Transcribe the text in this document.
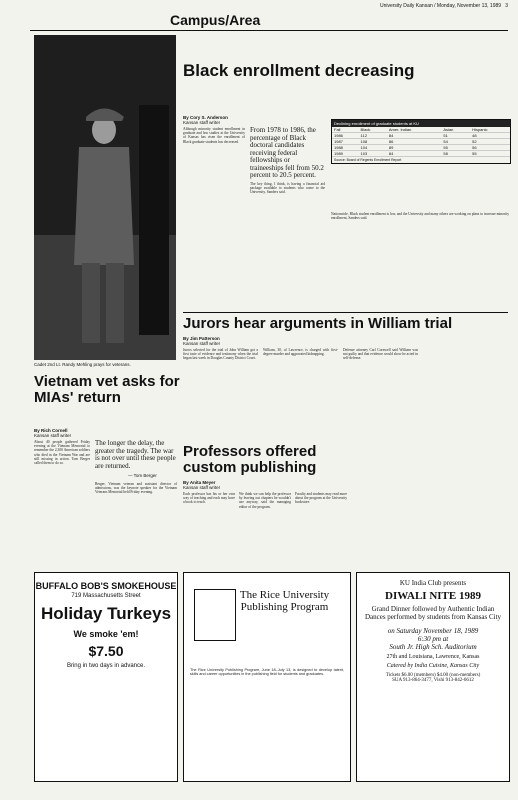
University Daily Kansan / Monday, November 13, 1989 3
Campus/Area
Cadet 2nd Lt. Randy Mehling prays for veterans.
Vietnam vet asks for MIAs' return
By Rich Cornell
Kansan staff writer
About 40 people gathered Friday evening at the Vietnam Memorial to remember the 2,300 American soldiers who died in the Vietnam War and are still missing in action. Tom Berger called them to do so.
The longer the delay, the greater the tragedy. The war is not over until these people are returned.
— Tom Berger
Berger, Vietnam veteran and assistant director of admissions, was the keynote speaker for the Vietnam Veterans Memorial held Friday evening.
Black enrollment decreasing
By Cory S. Anderson
Kansan staff writer
Although minority student enrollment in graduate and law studies at the University of Kansas has risen the enrollment of Black graduate students has decreased.
From 1978 to 1986, the percentage of Black doctoral candidates receiving federal fellowships or traineeships fell from 50.2 percent to 20.5 percent.
The key thing, I think, is having a financial aid package available to students who come to the University, Sanders said.
Nationwide, Black student enrollment is low, and the University and many others are working on plans to increase minority enrollment, Sanders said.
Declining enrollment of graduate students at KU
Fall	Black	Amer. Indian	Asian	Hispanic
1986	112	84	51	48
1987	108	86	54	52
1988	104	89	55	56
1989	103	84	58	55
Source: Board of Regents Enrollment Report
Jurors hear arguments in William trial
By Jim Patterson
Kansan staff writer
Jurors selected for the trial of John William got a first taste of evidence and testimony when the trial began last week in Douglas County District Court.
William, 30, of Lawrence, is charged with first-degree murder and aggravated kidnapping.
Defense attorney Carl Cornwell said William was not guilty and that evidence would show he acted in self-defense.
Professors offered custom publishing
By Anita Meyer
Kansan staff writer
Each professor has his or her own way of teaching and each may have a book to teach.
We think we can help the professor by leaving out chapters he wouldn't use anyway, said the managing editor of the program.
Faculty and students may read more about the program at the University bookstore.
BUFFALO BOB'S SMOKEHOUSE
719 Massachusetts Street
Holiday Turkeys
We smoke 'em!
$7.50
Bring in two days in advance.
The Rice University Publishing Program
The Rice University Publishing Program, June 18–July 13, is designed to develop talent, skills and career opportunities in the publishing field for students and graduates.
KU India Club presents
DIWALI NITE 1989
Grand Dinner followed by Authentic Indian Dances performed by students from Kansas City
on Saturday November 18, 1989
6:30 pm at
South Jr. High Sch. Auditorium
27th and Louisiana, Lawrence, Kansas
Catered by India Cuisine, Kansas City
Tickets $6.00 (members) $4.00 (non-members)
SUA 913-864-3477, Vishi 913-842-6612
